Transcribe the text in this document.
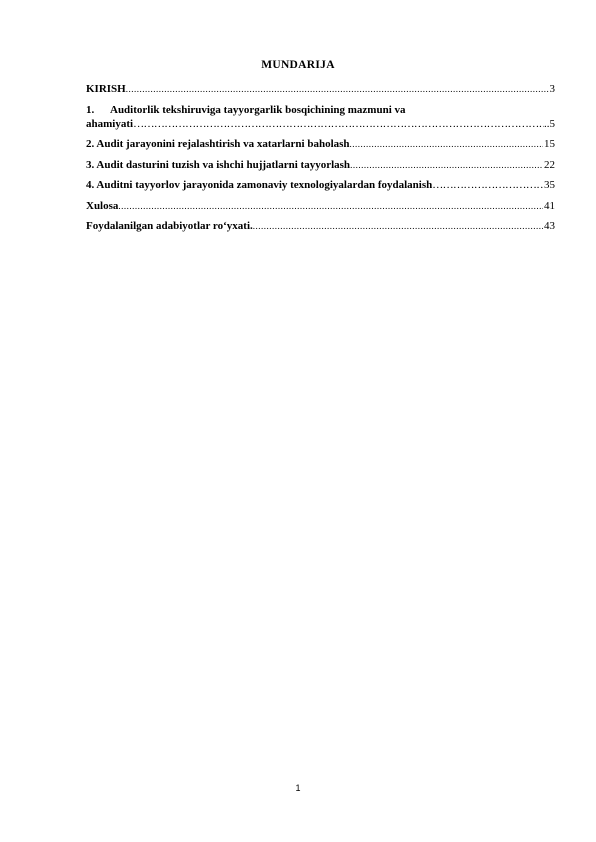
MUNDARIJA
KIRISH .....	3
1. Auditorlik tekshiruviga tayyorgarlik bosqichining mazmuni va
ahamiyati ……………………………………………………………………………………………………………………………………………	..5
2. Audit jarayonini rejalashtirish va xatarlarni baholash .....	15
3. Audit dasturini tuzish va ishchi hujjatlarni tayyorlash .....	22
4. Auditni tayyorlov jarayonida zamonaviy texnologiyalardan foydalanish ……………………………………………………	35
Xulosa .....	41
Foydalanilgan adabiyotlar ro‘yxati. .....	43
1
